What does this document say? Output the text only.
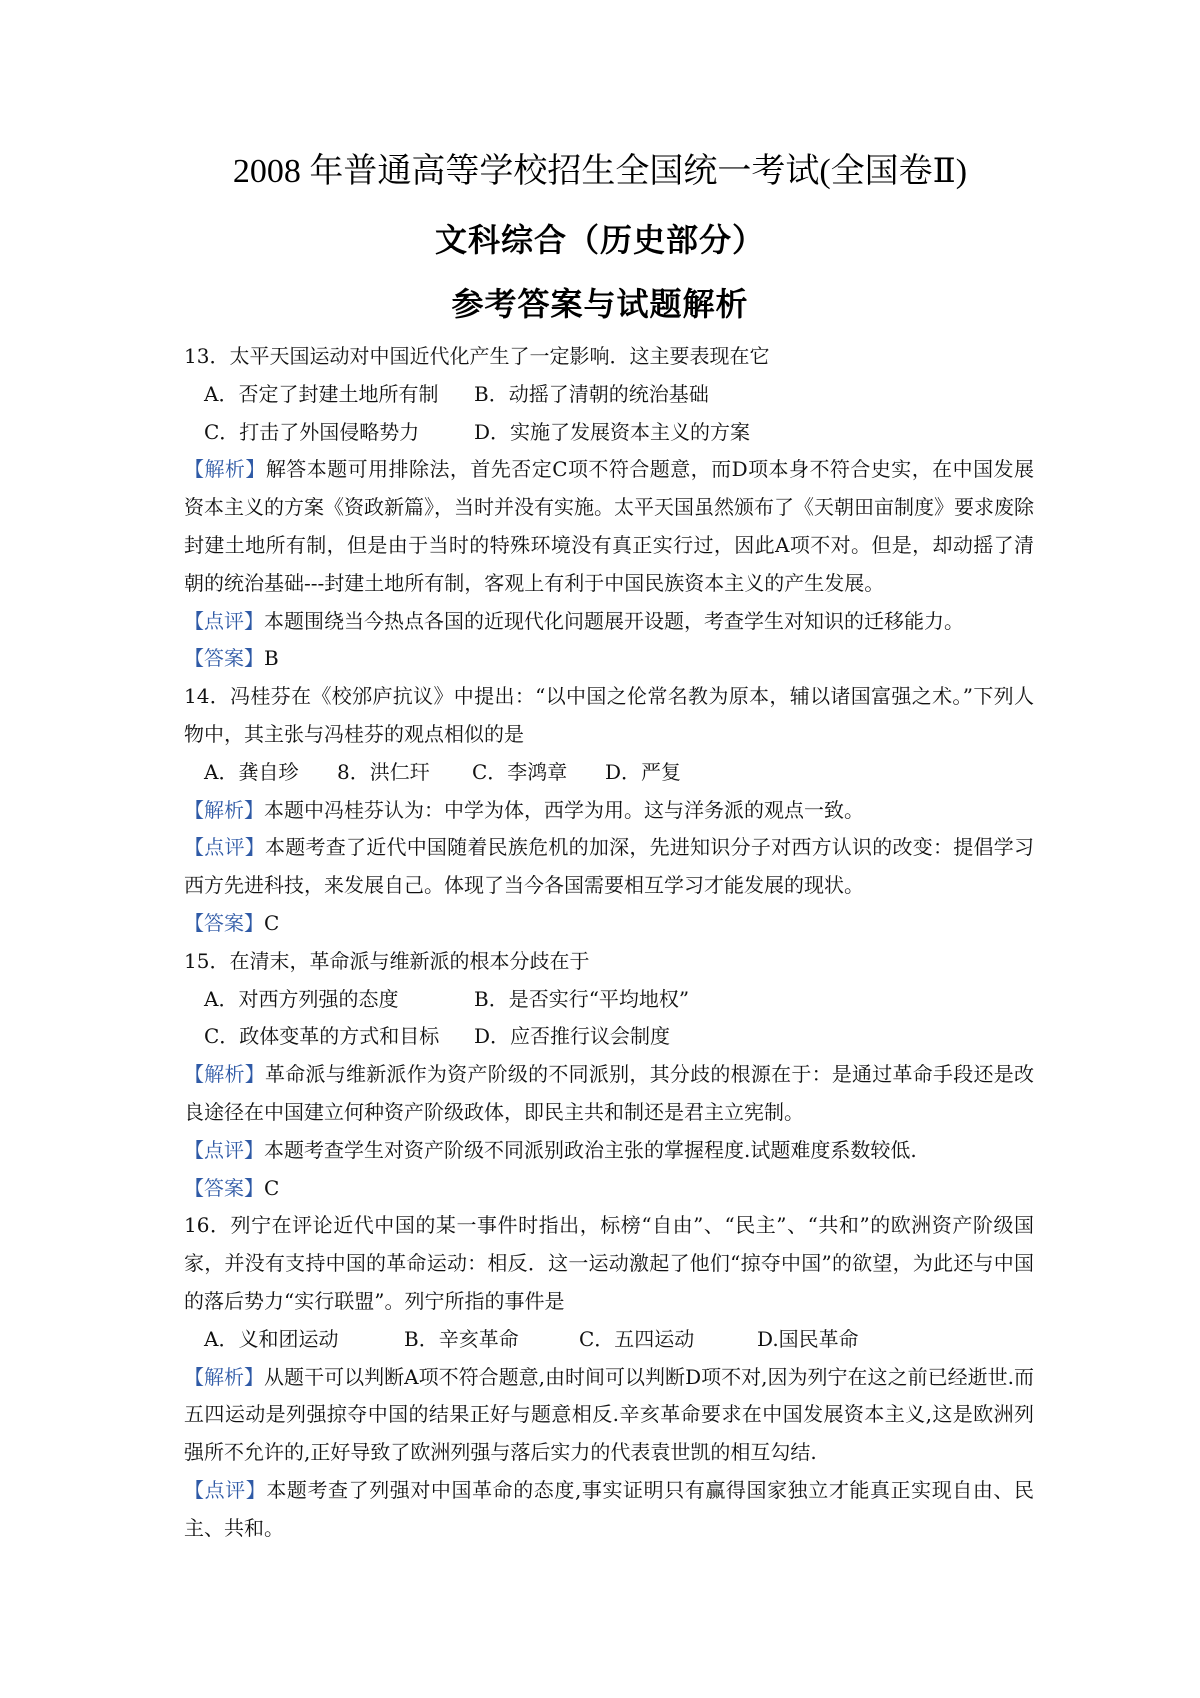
2008 年普通高等学校招生全国统一考试(全国卷Ⅱ)
文科综合（历史部分）
参考答案与试题解析
13．太平天国运动对中国近代化产生了一定影响．这主要表现在它
A．否定了封建土地所有制 B．动摇了清朝的统治基础
C．打击了外国侵略势力	D．实施了发展资本主义的方案
【解析】解答本题可用排除法，首先否定C项不符合题意，而D项本身不符合史实，在中国发展资本主义的方案《资政新篇》，当时并没有实施。太平天国虽然颁布了《天朝田亩制度》要求废除封建土地所有制，但是由于当时的特殊环境没有真正实行过，因此A项不对。但是，却动摇了清朝的统治基础---封建土地所有制，客观上有利于中国民族资本主义的产生发展。
【点评】本题围绕当今热点各国的近现代化问题展开设题，考查学生对知识的迁移能力。
【答案】B
14．冯桂芬在《校邠庐抗议》中提出：“以中国之伦常名教为原本，辅以诸国富强之术。”下列人物中，其主张与冯桂芬的观点相似的是
A．龚自珍 8．洪仁玕 C．李鸿章 D．严复
【解析】本题中冯桂芬认为：中学为体，西学为用。这与洋务派的观点一致。
【点评】本题考查了近代中国随着民族危机的加深，先进知识分子对西方认识的改变：提倡学习西方先进科技，来发展自己。体现了当今各国需要相互学习才能发展的现状。
【答案】C
15．在清末，革命派与维新派的根本分歧在于
A．对西方列强的态度	B．是否实行“平均地权”
C．政体变革的方式和目标 D．应否推行议会制度
【解析】革命派与维新派作为资产阶级的不同派别，其分歧的根源在于：是通过革命手段还是改良途径在中国建立何种资产阶级政体，即民主共和制还是君主立宪制。
【点评】本题考查学生对资产阶级不同派别政治主张的掌握程度.试题难度系数较低.
【答案】C
16．列宁在评论近代中国的某一事件时指出，标榜“自由”、“民主”、“共和”的欧洲资产阶级国家，并没有支持中国的革命运动：相反．这一运动激起了他们“掠夺中国”的欲望，为此还与中国的落后势力“实行联盟”。列宁所指的事件是
A．义和团运动	B．辛亥革命	C．五四运动	D.国民革命
【解析】从题干可以判断A项不符合题意,由时间可以判断D项不对,因为列宁在这之前已经逝世.而五四运动是列强掠夺中国的结果正好与题意相反.辛亥革命要求在中国发展资本主义,这是欧洲列强所不允许的,正好导致了欧洲列强与落后实力的代表袁世凯的相互勾结.
【点评】本题考查了列强对中国革命的态度,事实证明只有赢得国家独立才能真正实现自由、民主、共和。
